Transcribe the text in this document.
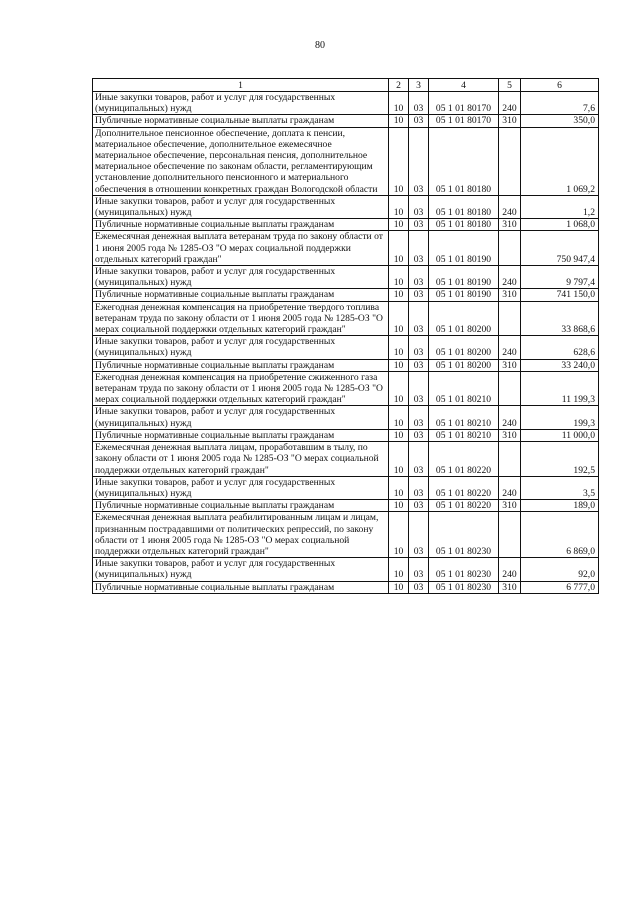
80
1	2	3	4	5	6
Иные закупки товаров, работ и услуг для государственных (муниципальных) нужд	10	03	05 1 01 80170	240	7,6
Публичные нормативные социальные выплаты гражданам	10	03	05 1 01 80170	310	350,0
Дополнительное пенсионное обеспечение, доплата к пенсии, материальное обеспечение, дополнительное ежемесячное материальное обеспечение, персональная пенсия, дополнительное материальное обеспечение по законам области, регламентирующим установление дополнительного пенсионного и материального обеспечения в отношении конкретных граждан Вологодской области	10	03	05 1 01 80180		1 069,2
Иные закупки товаров, работ и услуг для государственных (муниципальных) нужд	10	03	05 1 01 80180	240	1,2
Публичные нормативные социальные выплаты гражданам	10	03	05 1 01 80180	310	1 068,0
Ежемесячная денежная выплата ветеранам труда по закону области от 1 июня 2005 года № 1285-ОЗ "О мерах социальной поддержки отдельных категорий граждан"	10	03	05 1 01 80190		750 947,4
Иные закупки товаров, работ и услуг для государственных (муниципальных) нужд	10	03	05 1 01 80190	240	9 797,4
Публичные нормативные социальные выплаты гражданам	10	03	05 1 01 80190	310	741 150,0
Ежегодная денежная компенсация на приобретение твердого топлива ветеранам труда по закону области от 1 июня 2005 года № 1285-ОЗ "О мерах социальной поддержки отдельных категорий граждан"	10	03	05 1 01 80200		33 868,6
Иные закупки товаров, работ и услуг для государственных (муниципальных) нужд	10	03	05 1 01 80200	240	628,6
Публичные нормативные социальные выплаты гражданам	10	03	05 1 01 80200	310	33 240,0
Ежегодная денежная компенсация на приобретение сжиженного газа ветеранам труда по закону области от 1 июня 2005 года № 1285-ОЗ "О мерах социальной поддержки отдельных категорий граждан"	10	03	05 1 01 80210		11 199,3
Иные закупки товаров, работ и услуг для государственных (муниципальных) нужд	10	03	05 1 01 80210	240	199,3
Публичные нормативные социальные выплаты гражданам	10	03	05 1 01 80210	310	11 000,0
Ежемесячная денежная выплата лицам, проработавшим в тылу, по закону области от 1 июня 2005 года № 1285-ОЗ "О мерах социальной поддержки отдельных категорий граждан"	10	03	05 1 01 80220		192,5
Иные закупки товаров, работ и услуг для государственных (муниципальных) нужд	10	03	05 1 01 80220	240	3,5
Публичные нормативные социальные выплаты гражданам	10	03	05 1 01 80220	310	189,0
Ежемесячная денежная выплата реабилитированным лицам и лицам, признанным пострадавшими от политических репрессий, по закону области от 1 июня 2005 года № 1285-ОЗ "О мерах социальной поддержки отдельных категорий граждан"	10	03	05 1 01 80230		6 869,0
Иные закупки товаров, работ и услуг для государственных (муниципальных) нужд	10	03	05 1 01 80230	240	92,0
Публичные нормативные социальные выплаты гражданам	10	03	05 1 01 80230	310	6 777,0
